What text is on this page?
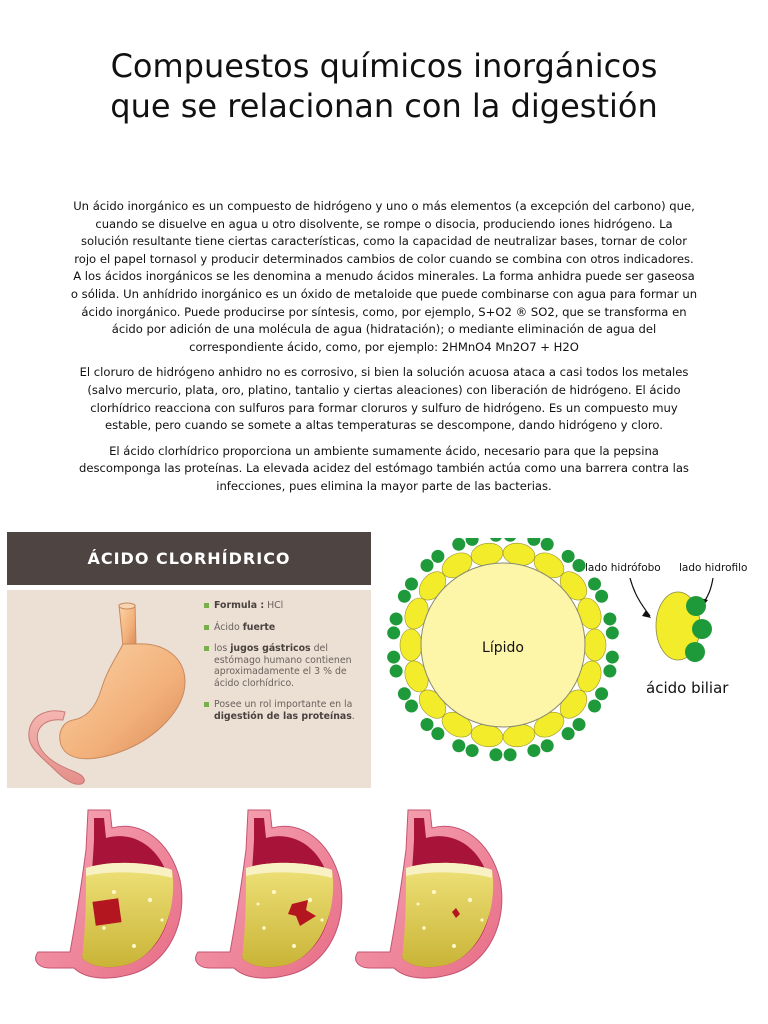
Compuestos químicos inorgánicos
que se relacionan con la digestión

Un ácido inorgánico es un compuesto de hidrógeno y uno o más elementos (a excepción del carbono) que, cuando se disuelve en agua u otro disolvente, se rompe o disocia, produciendo iones hidrógeno. La solución resultante tiene ciertas características, como la capacidad de neutralizar bases, tornar de color rojo el papel tornasol y producir determinados cambios de color cuando se combina con otros indicadores. A los ácidos inorgánicos se les denomina a menudo ácidos minerales. La forma anhidra puede ser gaseosa o sólida. Un anhídrido inorgánico es un óxido de metaloide que puede combinarse con agua para formar un ácido inorgánico. Puede producirse por síntesis, como, por ejemplo, S+O2 ® SO2, que se transforma en ácido por adición de una molécula de agua (hidratación); o mediante eliminación de agua del correspondiente ácido, como, por ejemplo: 2HMnO4 Mn2O7 + H2O

El cloruro de hidrógeno anhidro no es corrosivo, si bien la solución acuosa ataca a casi todos los metales (salvo mercurio, plata, oro, platino, tantalio y ciertas aleaciones) con liberación de hidrógeno. El ácido clorhídrico reacciona con sulfuros para formar cloruros y sulfuro de hidrógeno. Es un compuesto muy estable, pero cuando se somete a altas temperaturas se descompone, dando hidrógeno y cloro.

El ácido clorhídrico proporciona un ambiente sumamente ácido, necesario para que la pepsina descomponga las proteínas. La elevada acidez del estómago también actúa como una barrera contra las infecciones, pues elimina la mayor parte de las bacterias.

ÁCIDO CLORHÍDRICO
Formula : HCl
Ácido fuerte
los jugos gástricos del estómago humano contienen aproximadamente el 3 % de ácido clorhídrico.
Posee un rol importante en la digestión de las proteínas.
Lípido
lado hidrófobo lado hidrofilo
ácido biliar
